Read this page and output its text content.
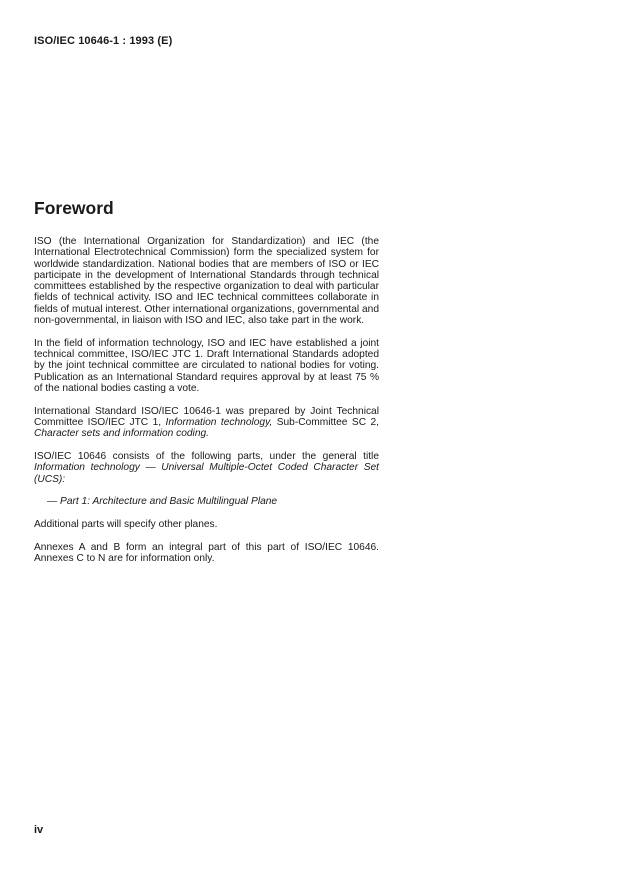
ISO/IEC 10646-1 : 1993 (E)
Foreword

ISO (the International Organization for Standardization) and IEC (the International Electrotechnical Commission) form the specialized system for worldwide standardization. National bodies that are members of ISO or IEC participate in the development of International Standards through technical committees established by the respective organization to deal with particular fields of technical activity. ISO and IEC technical committees collaborate in fields of mutual interest. Other international organizations, governmental and non-governmental, in liaison with ISO and IEC, also take part in the work.

In the field of information technology, ISO and IEC have established a joint technical committee, ISO/IEC JTC 1. Draft International Standards adopted by the joint technical committee are circulated to national bodies for voting. Publication as an International Standard requires approval by at least 75 % of the national bodies casting a vote.

International Standard ISO/IEC 10646-1 was prepared by Joint Technical Committee ISO/IEC JTC 1, Information technology, Sub-Committee SC 2, Character sets and information coding.

ISO/IEC 10646 consists of the following parts, under the general title Information technology — Universal Multiple-Octet Coded Character Set (UCS):

— Part 1: Architecture and Basic Multilingual Plane

Additional parts will specify other planes.

Annexes A and B form an integral part of this part of ISO/IEC 10646. Annexes C to N are for information only.

iv
